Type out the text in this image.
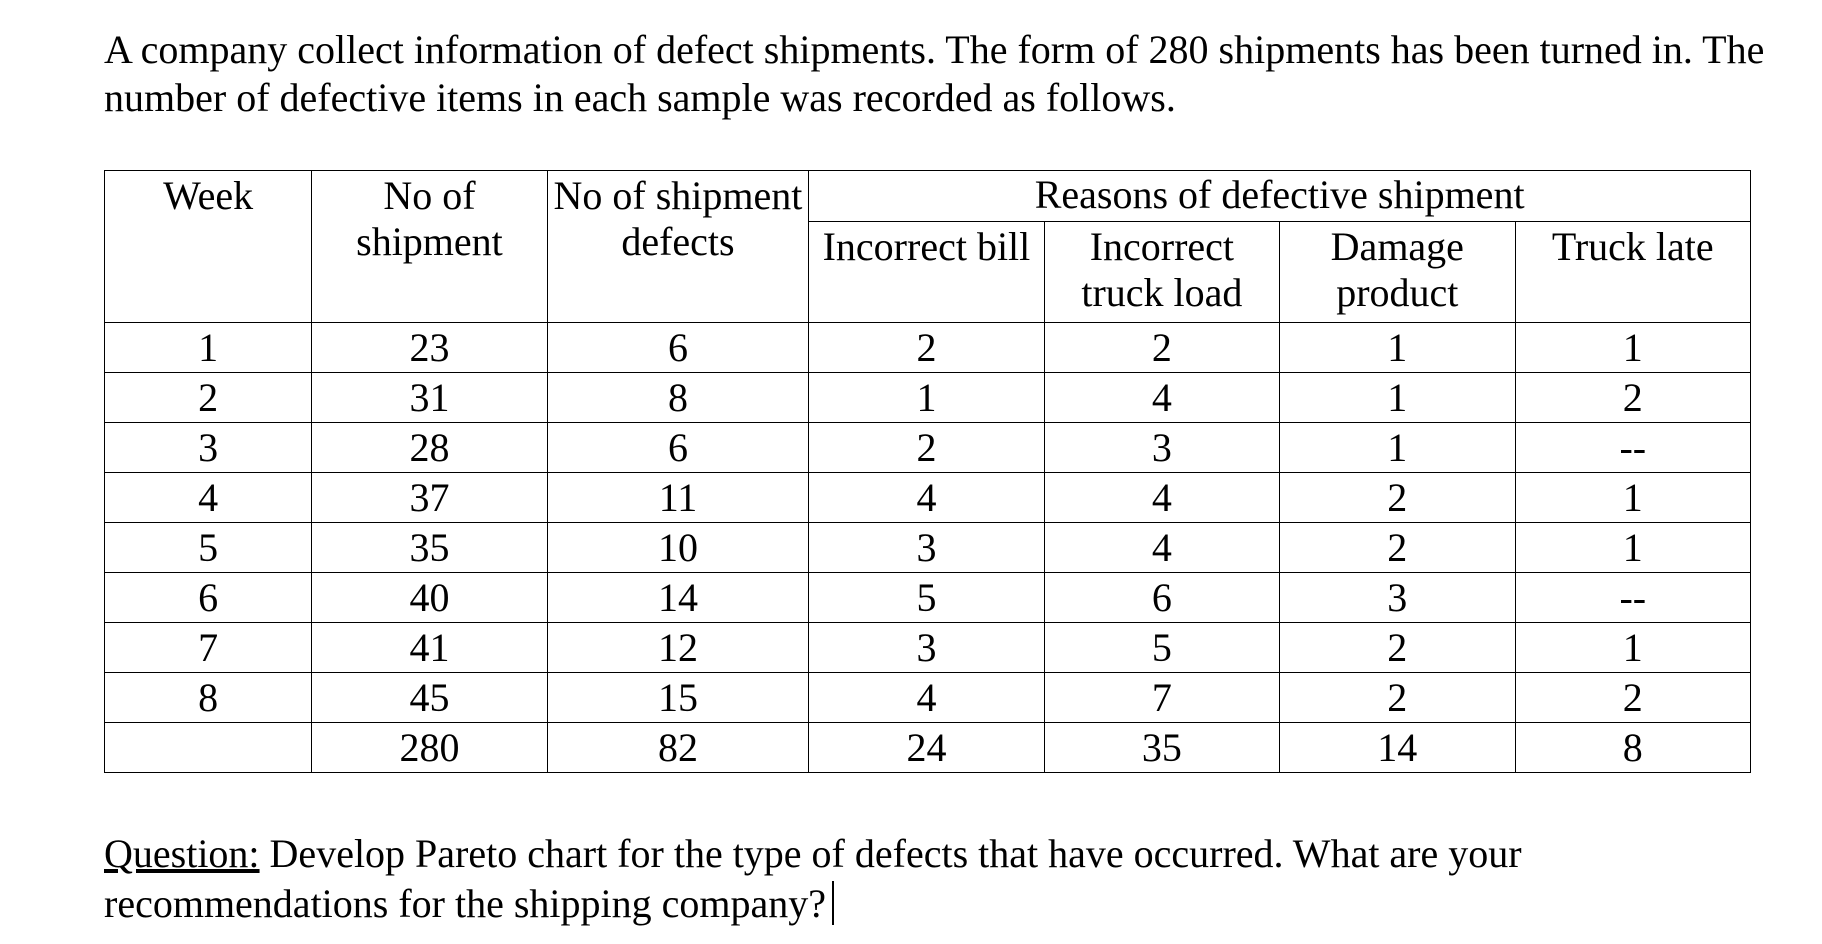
A company collect information of defect shipments. The form of 280 shipments has been turned in. The number of defective items in each sample was recorded as follows.

Week	No of shipment	No of shipment defects	Reasons of defective shipment			
			Incorrect bill	Incorrect truck load	Damage product	Truck late
1	23	6	2	2	1	1
2	31	8	1	4	1	2
3	28	6	2	3	1	--
4	37	11	4	4	2	1
5	35	10	3	4	2	1
6	40	14	5	6	3	--
7	41	12	3	5	2	1
8	45	15	4	7	2	2
	280	82	24	35	14	8

Question: Develop Pareto chart for the type of defects that have occurred. What are your recommendations for the shipping company?
